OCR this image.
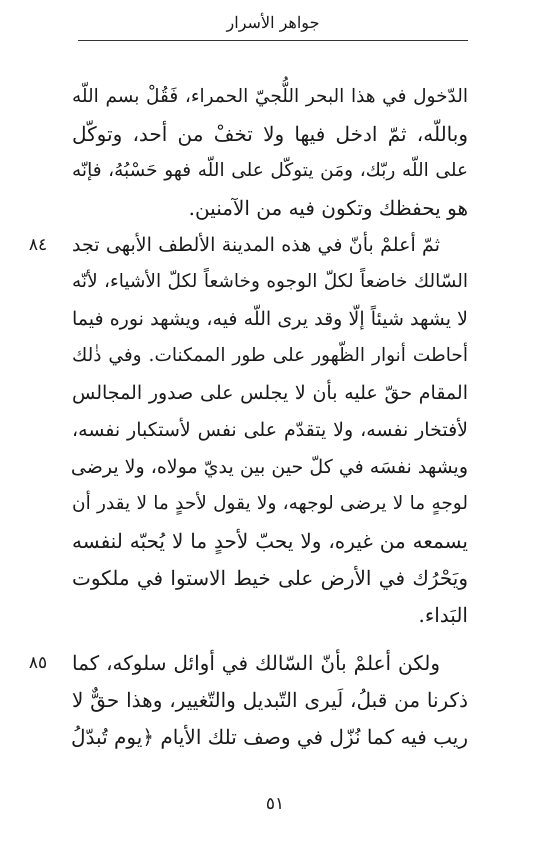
جواهر الأسرار
الدّخول في هذا البحر اللُّجيّ الحمراء، فَقُلْ بسم اللّه
وباللّه، ثمّ ادخل فيها ولا تخفْ من أحد، وتوكّل
على اللّه ربّك، ومَن يتوكّل على اللّه فهو حَسْبُهُ، فإنّه
هو يحفظك وتكون فيه من الآمنين.
٨٤	ثمّ أعلمْ بأنّ في هذه المدينة الألطف الأبهى تجد
السّالك خاضعاً لكلّ الوجوه وخاشعاً لكلّ الأشياء، لأنّه
لا يشهد شيئاً إلّا وقد يرى اللّه فيه، ويشهد نوره فيما
أحاطت أنوار الظّهور على طور الممكنات. وفي ذٰلك
المقام حقّ عليه بأن لا يجلس على صدور المجالس
لأفتخار نفسه، ولا يتقدّم على نفس لأستكبار نفسه،
ويشهد نفسَه في كلّ حين بين يديّ مولاه، ولا يرضى
لوجهٍ ما لا يرضى لوجهه، ولا يقول لأحدٍ ما لا يقدر أن
يسمعه من غيره، ولا يحبّ لأحدٍ ما لا يُحبّه لنفسه
ويَحْرُك في الأرض على خيط الاستوا في ملكوت
البَداء.
٨٥	ولكن أعلمْ بأنّ السّالك في أوائل سلوكه، كما
ذكرنا من قبلُ، لَيرى التّبديل والتّغيير، وهذا حقٌّ لا
ريب فيه كما نُزّل في وصف تلك الأيام ﴿يوم تُبدّلُ
٥١
